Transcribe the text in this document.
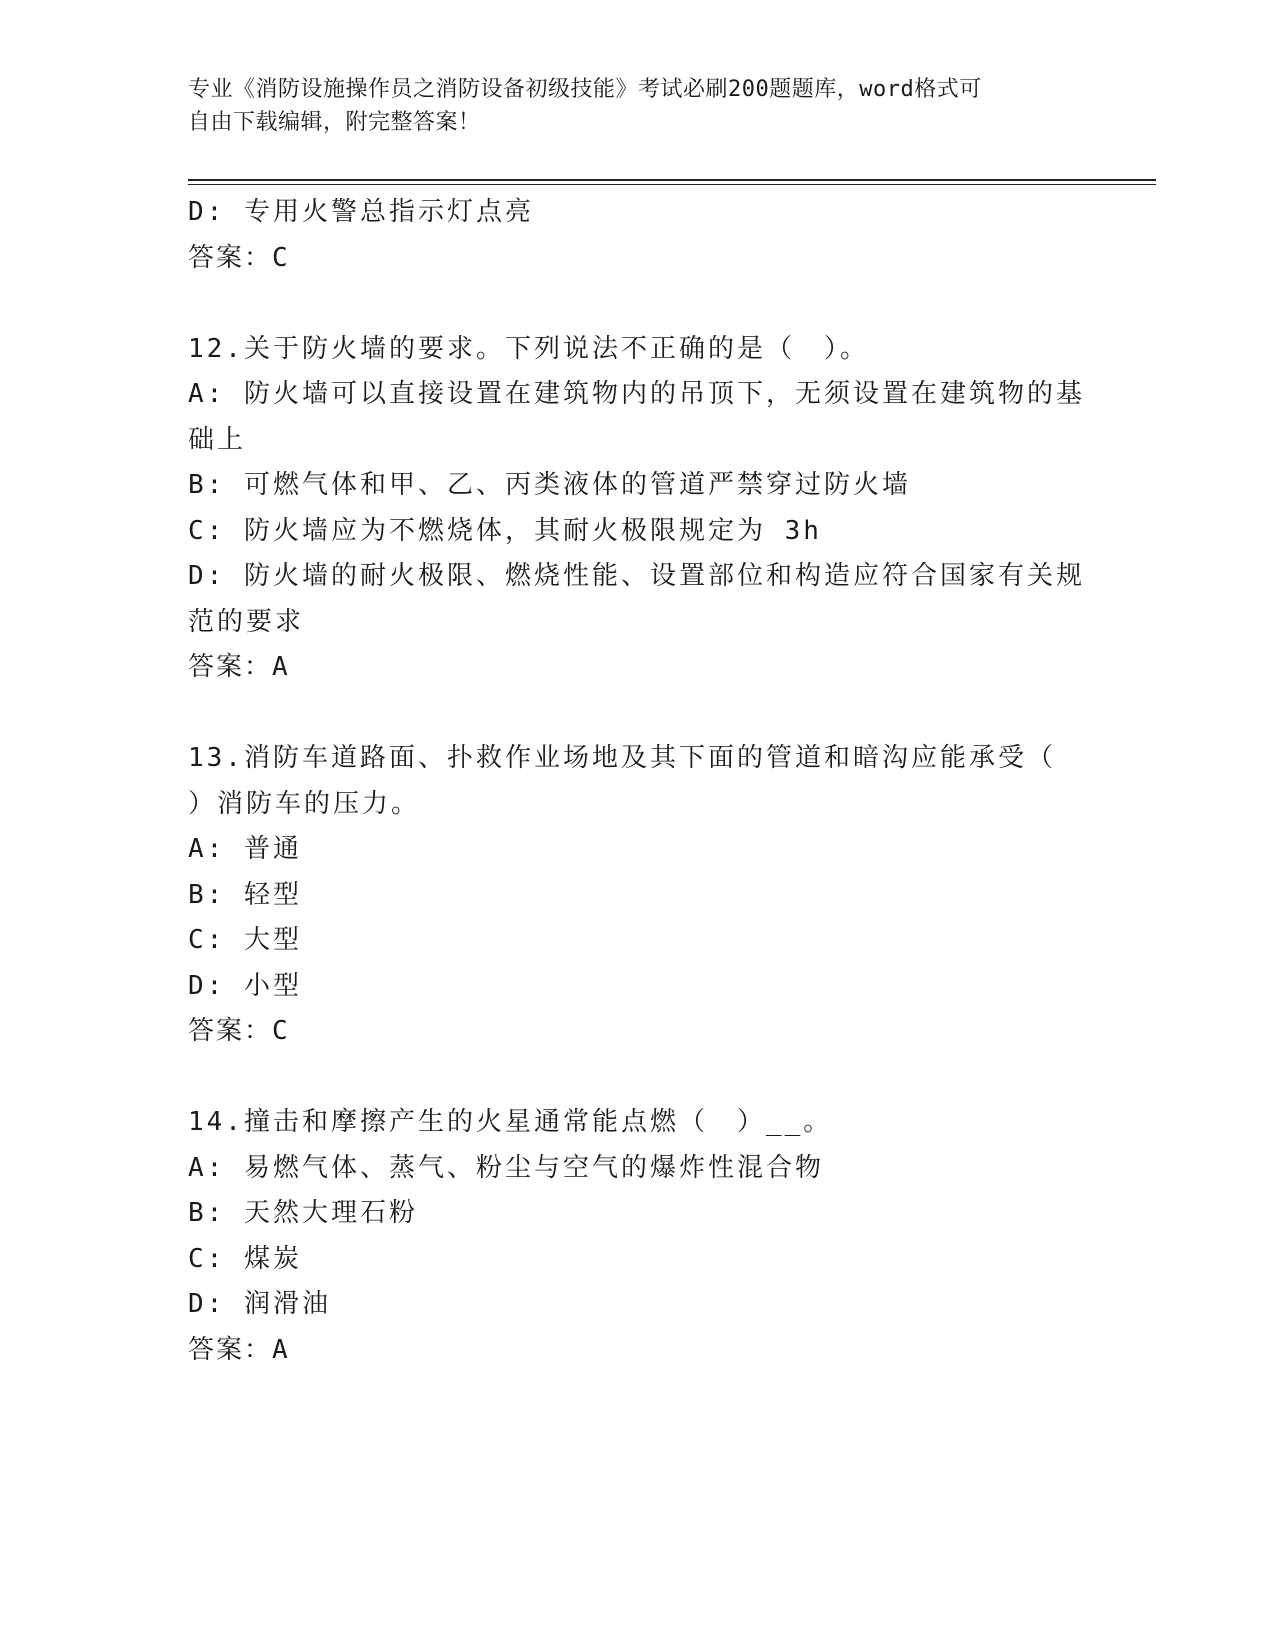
专业《消防设施操作员之消防设备初级技能》考试必刷200题题库，word格式可
自由下载编辑，附完整答案！
D: 专用火警总指示灯点亮
答案：C
12.关于防火墙的要求。下列说法不正确的是（　）。
A: 防火墙可以直接设置在建筑物内的吊顶下，无须设置在建筑物的基
础上
B: 可燃气体和甲、乙、丙类液体的管道严禁穿过防火墙
C: 防火墙应为不燃烧体，其耐火极限规定为 3h
D: 防火墙的耐火极限、燃烧性能、设置部位和构造应符合国家有关规
范的要求
答案：A
13.消防车道路面、扑救作业场地及其下面的管道和暗沟应能承受（
）消防车的压力。
A: 普通
B: 轻型
C: 大型
D: 小型
答案：C
14.撞击和摩擦产生的火星通常能点燃（　）__。
A: 易燃气体、蒸气、粉尘与空气的爆炸性混合物
B: 天然大理石粉
C: 煤炭
D: 润滑油
答案：A
